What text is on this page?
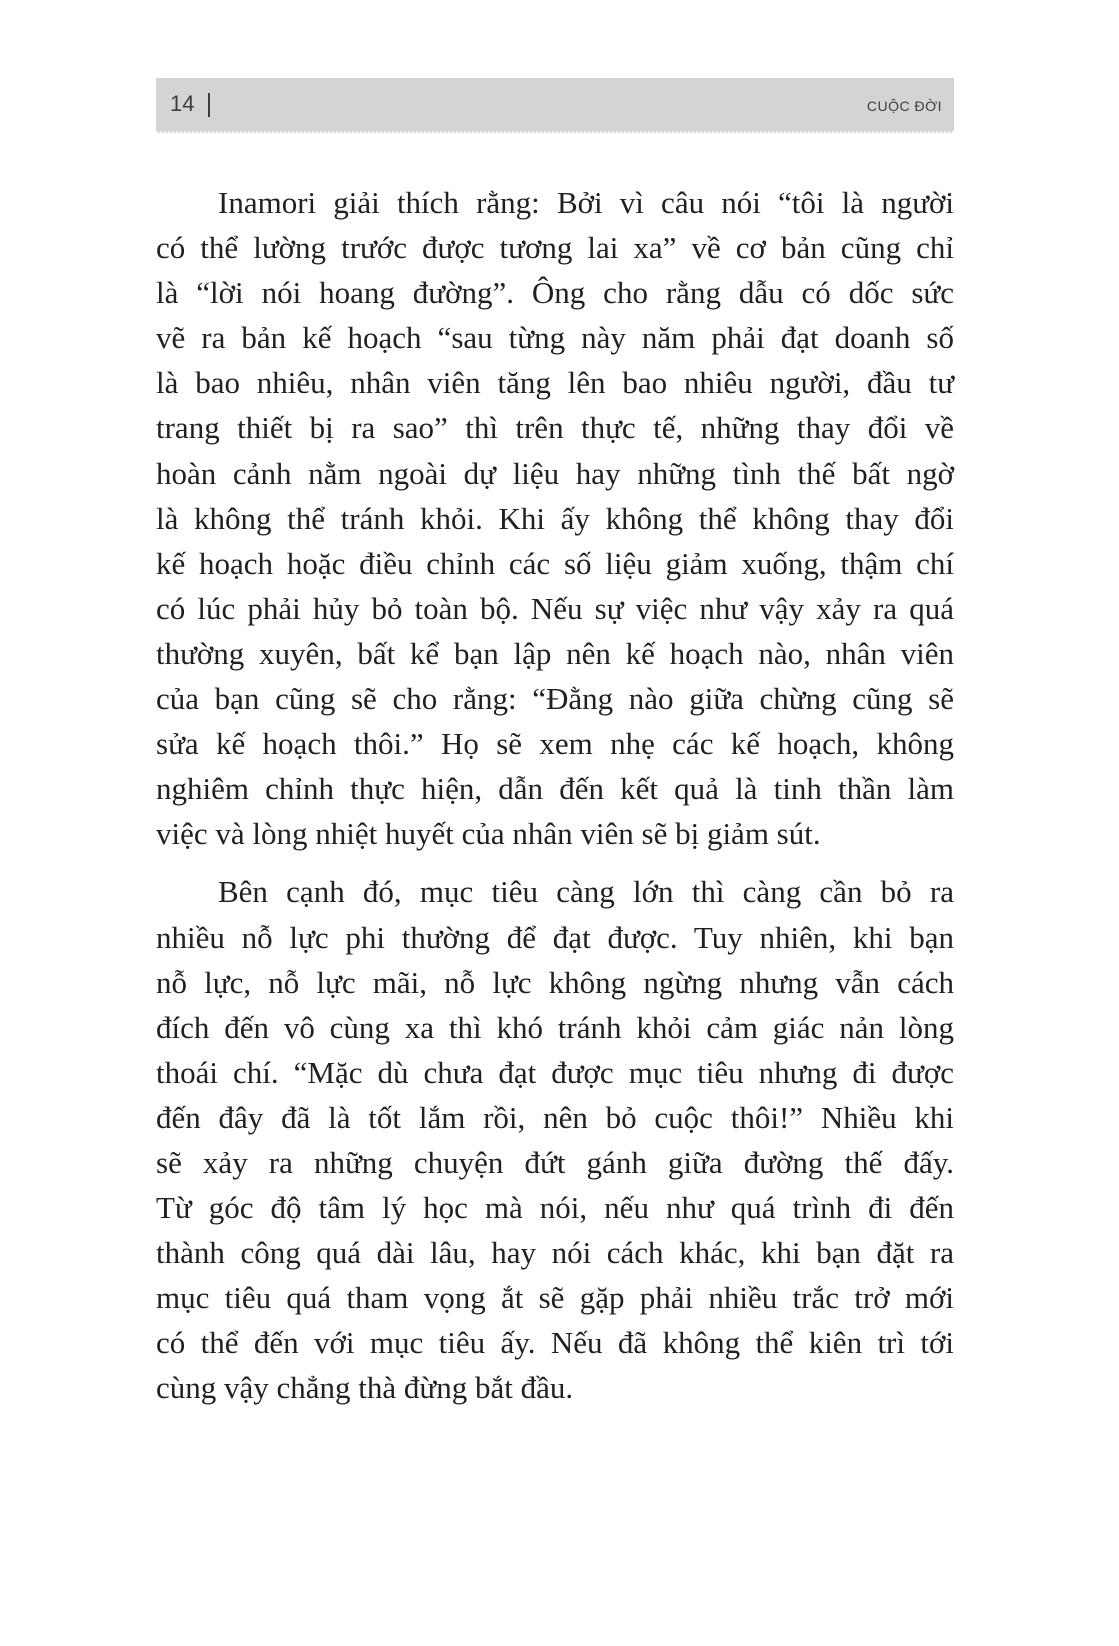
14	CUỘC ĐỜI

Inamori giải thích rằng: Bởi vì câu nói “tôi là người
có thể lường trước được tương lai xa” về cơ bản cũng chỉ
là “lời nói hoang đường”. Ông cho rằng dẫu có dốc sức
vẽ ra bản kế hoạch “sau từng này năm phải đạt doanh số
là bao nhiêu, nhân viên tăng lên bao nhiêu người, đầu tư
trang thiết bị ra sao” thì trên thực tế, những thay đổi về
hoàn cảnh nằm ngoài dự liệu hay những tình thế bất ngờ
là không thể tránh khỏi. Khi ấy không thể không thay đổi
kế hoạch hoặc điều chỉnh các số liệu giảm xuống, thậm chí
có lúc phải hủy bỏ toàn bộ. Nếu sự việc như vậy xảy ra quá
thường xuyên, bất kể bạn lập nên kế hoạch nào, nhân viên
của bạn cũng sẽ cho rằng: “Đằng nào giữa chừng cũng sẽ
sửa kế hoạch thôi.” Họ sẽ xem nhẹ các kế hoạch, không
nghiêm chỉnh thực hiện, dẫn đến kết quả là tinh thần làm
việc và lòng nhiệt huyết của nhân viên sẽ bị giảm sút.

Bên cạnh đó, mục tiêu càng lớn thì càng cần bỏ ra
nhiều nỗ lực phi thường để đạt được. Tuy nhiên, khi bạn
nỗ lực, nỗ lực mãi, nỗ lực không ngừng nhưng vẫn cách
đích đến vô cùng xa thì khó tránh khỏi cảm giác nản lòng
thoái chí. “Mặc dù chưa đạt được mục tiêu nhưng đi được
đến đây đã là tốt lắm rồi, nên bỏ cuộc thôi!” Nhiều khi
sẽ xảy ra những chuyện đứt gánh giữa đường thế đấy.
Từ góc độ tâm lý học mà nói, nếu như quá trình đi đến
thành công quá dài lâu, hay nói cách khác, khi bạn đặt ra
mục tiêu quá tham vọng ắt sẽ gặp phải nhiều trắc trở mới
có thể đến với mục tiêu ấy. Nếu đã không thể kiên trì tới
cùng vậy chẳng thà đừng bắt đầu.
